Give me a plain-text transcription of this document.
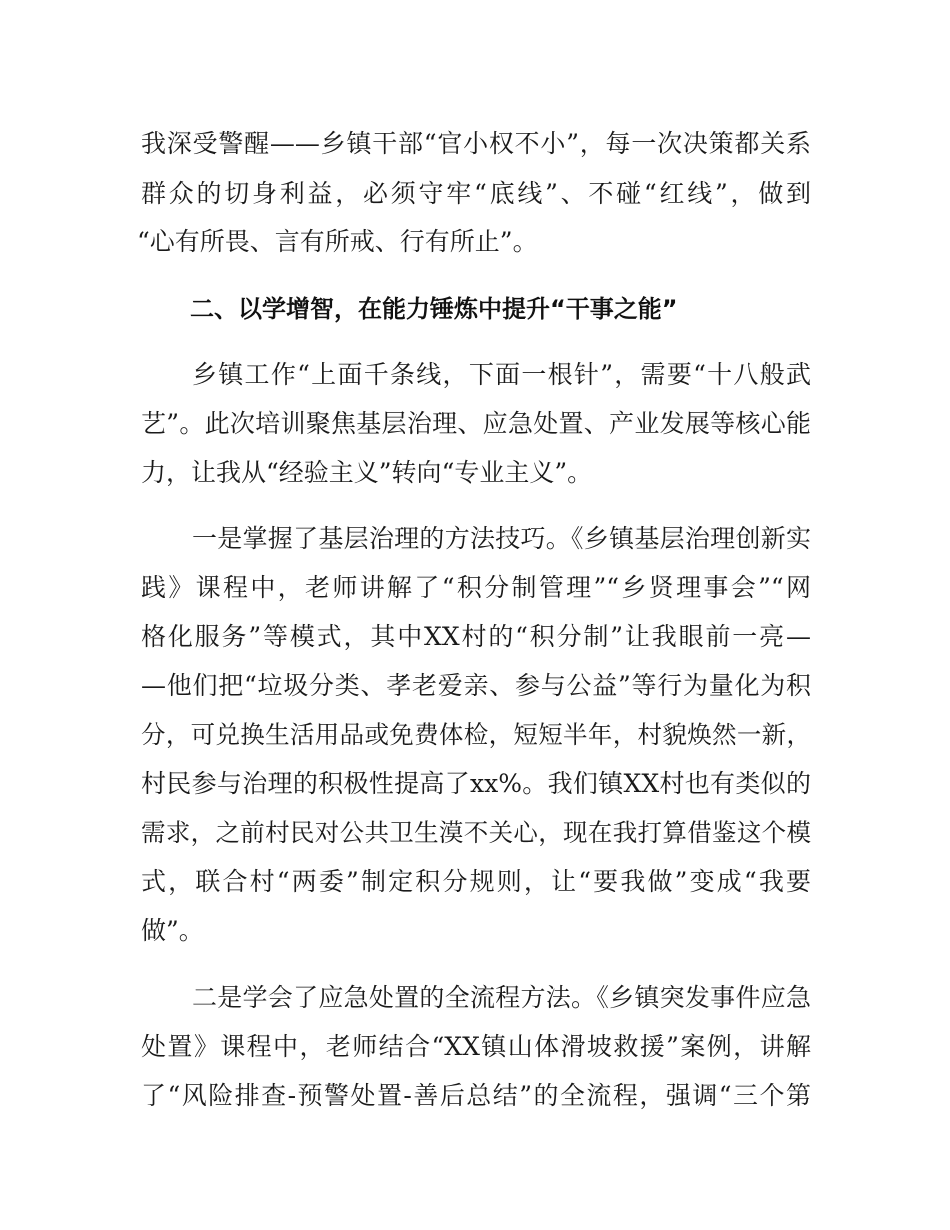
我深受警醒——乡镇干部“官小权不小”，每一次决策都关系
群众的切身利益，必须守牢“底线”、不碰“红线”，做到
“心有所畏、言有所戒、行有所止”。
二、以学增智，在能力锤炼中提升“干事之能”
乡镇工作“上面千条线，下面一根针”，需要“十八般武
艺”。此次培训聚焦基层治理、应急处置、产业发展等核心能
力，让我从“经验主义”转向“专业主义”。
一是掌握了基层治理的方法技巧。《乡镇基层治理创新实
践》课程中，老师讲解了“积分制管理”“乡贤理事会”“网
格化服务”等模式，其中XX村的“积分制”让我眼前一亮—
—他们把“垃圾分类、孝老爱亲、参与公益”等行为量化为积
分，可兑换生活用品或免费体检，短短半年，村貌焕然一新，
村民参与治理的积极性提高了xx%。我们镇XX村也有类似的
需求，之前村民对公共卫生漠不关心，现在我打算借鉴这个模
式，联合村“两委”制定积分规则，让“要我做”变成“我要
做”。
二是学会了应急处置的全流程方法。《乡镇突发事件应急
处置》课程中，老师结合“XX镇山体滑坡救援”案例，讲解
了“风险排查-预警处置-善后总结”的全流程，强调“三个第
